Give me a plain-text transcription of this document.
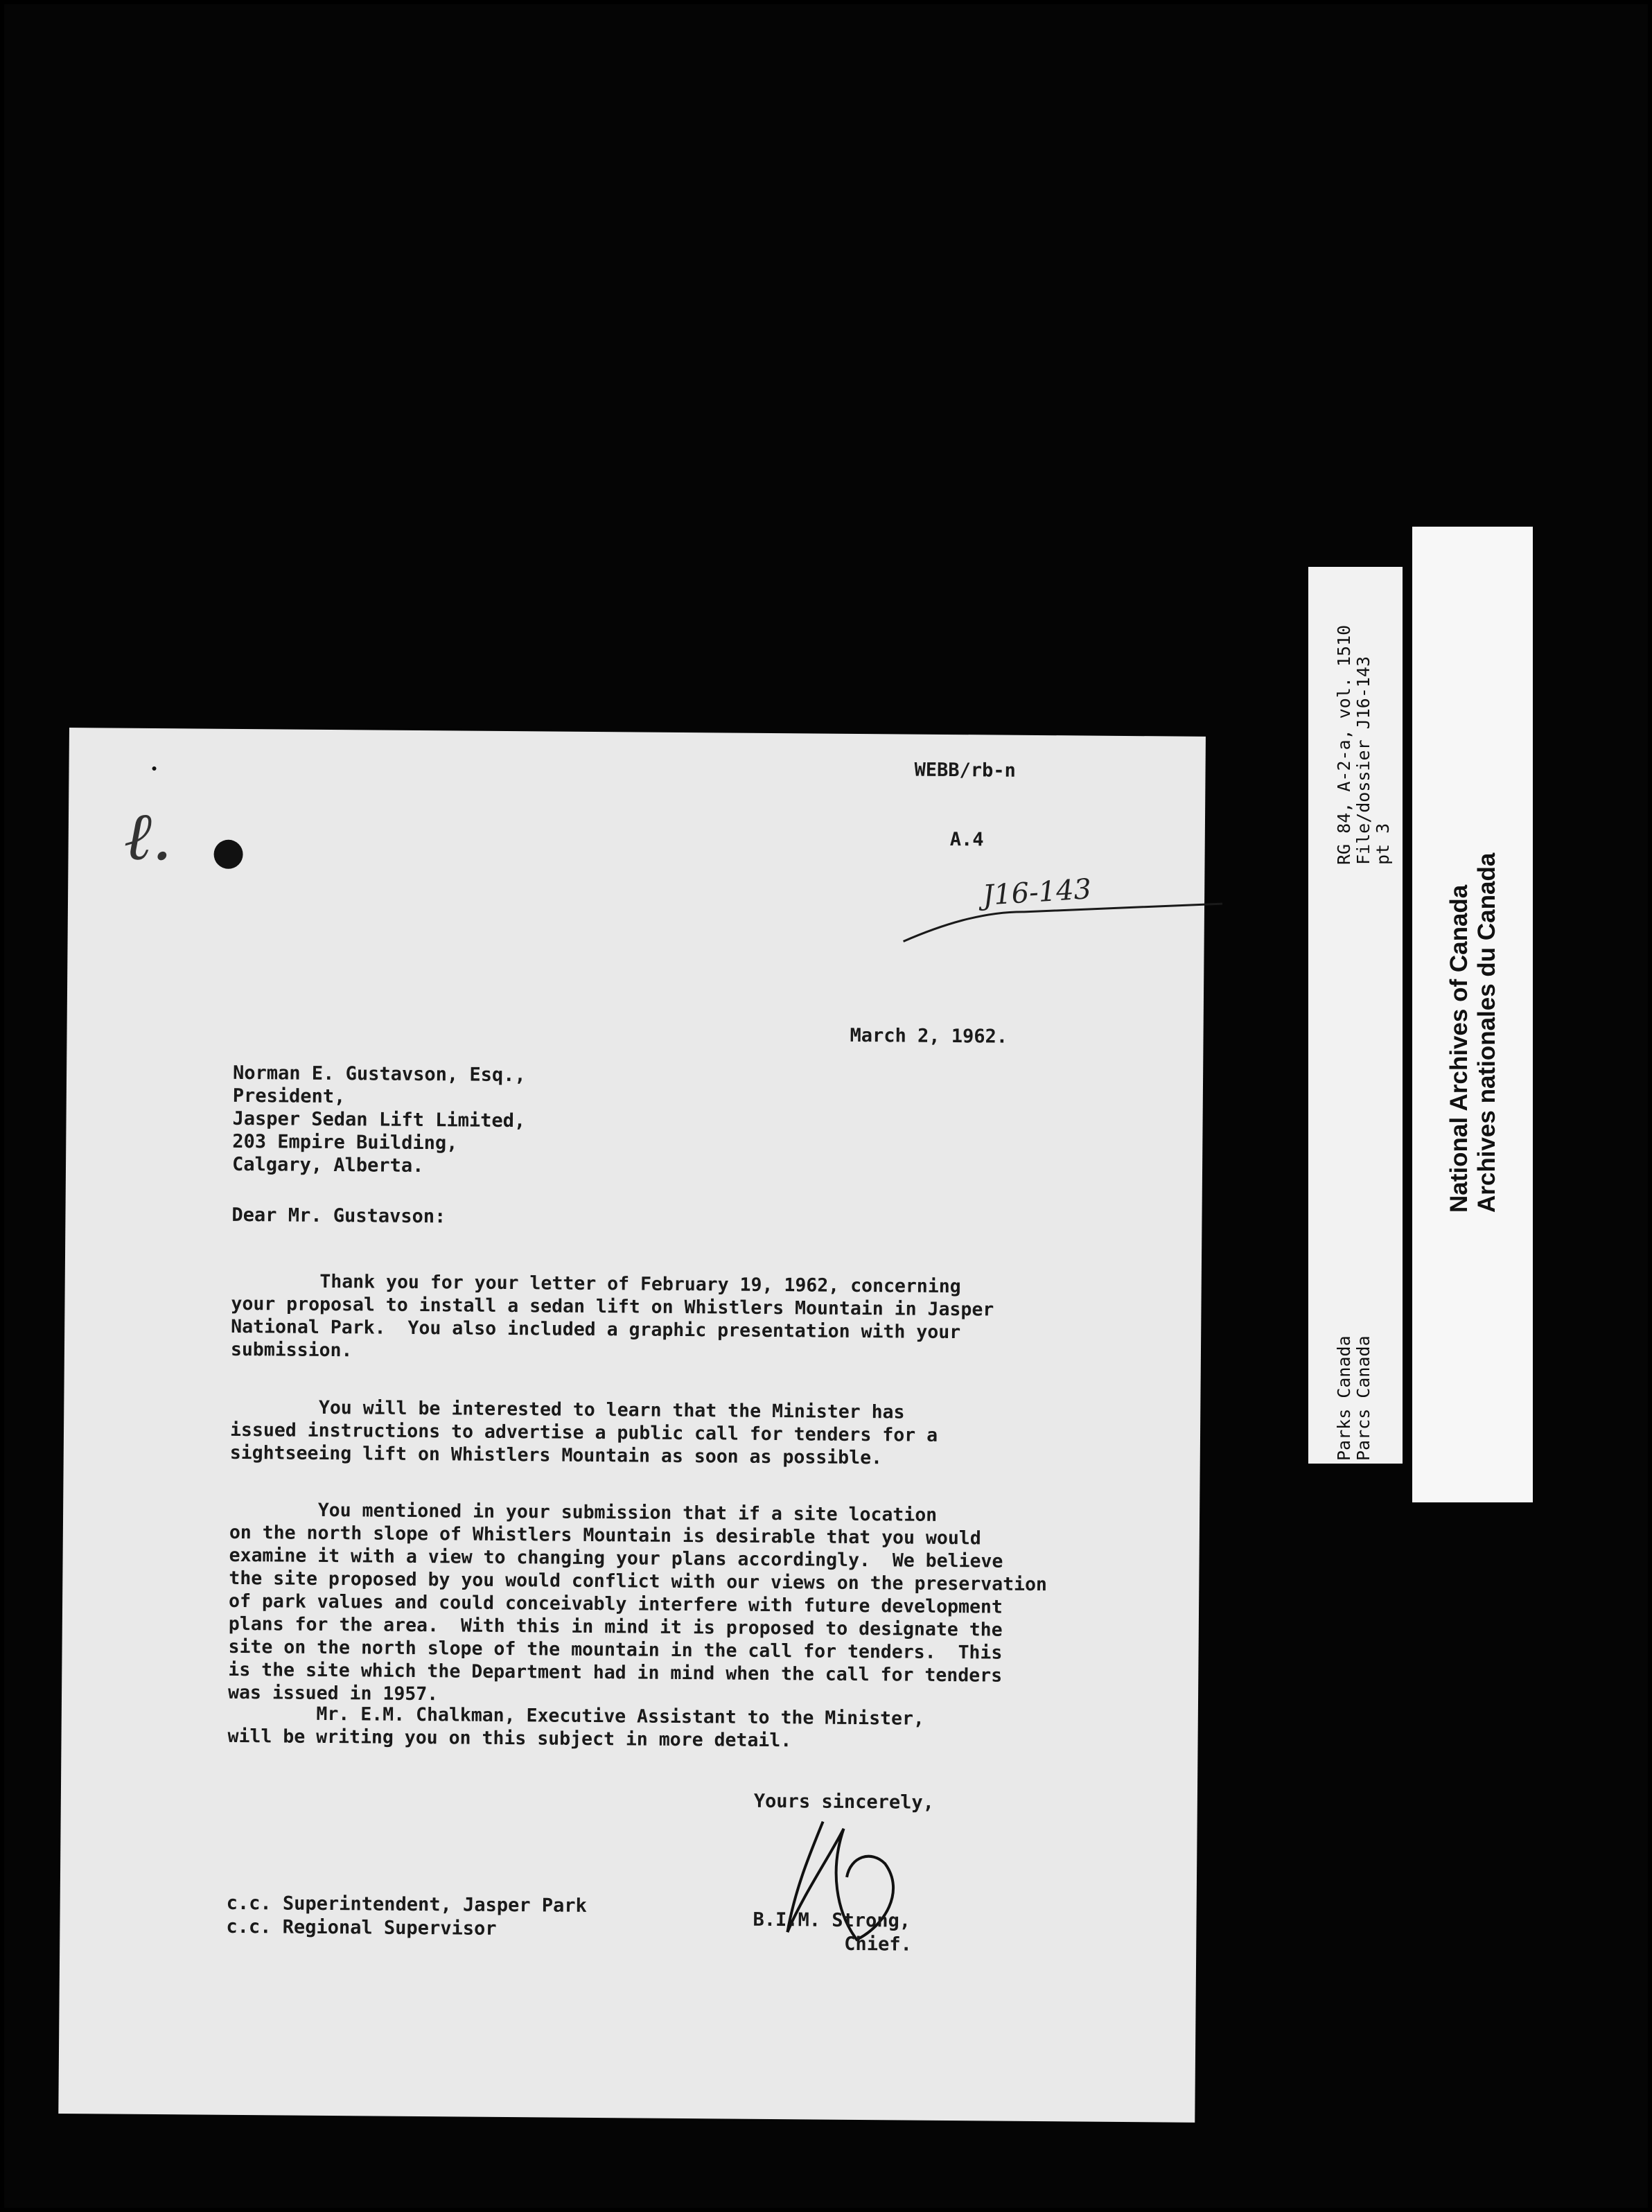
ℓ.
WEBB/rb-n
A.4
J16-143
March 2, 1962.
Norman E. Gustavson, Esq.,
President,
Jasper Sedan Lift Limited,
203 Empire Building,
Calgary, Alberta.
Dear Mr. Gustavson:
Thank you for your letter of February 19, 1962, concerning
your proposal to install a sedan lift on Whistlers Mountain in Jasper
National Park.  You also included a graphic presentation with your
submission.
You will be interested to learn that the Minister has
issued instructions to advertise a public call for tenders for a
sightseeing lift on Whistlers Mountain as soon as possible.
You mentioned in your submission that if a site location
on the north slope of Whistlers Mountain is desirable that you would
examine it with a view to changing your plans accordingly.  We believe
the site proposed by you would conflict with our views on the preservation
of park values and could conceivably interfere with future development
plans for the area.  With this in mind it is proposed to designate the
site on the north slope of the mountain in the call for tenders.  This
is the site which the Department had in mind when the call for tenders
was issued in 1957.
Mr. E.M. Chalkman, Executive Assistant to the Minister,
will be writing you on this subject in more detail.
Yours sincerely,
c.c. Superintendent, Jasper Park
c.c. Regional Supervisor	B.I.M. Strong,
Chief.
RG 84, A-2-a, vol. 1510 File/dossier J16-143 pt 3
Parks Canada Parcs Canada
National Archives of Canada Archives nationales du Canada
